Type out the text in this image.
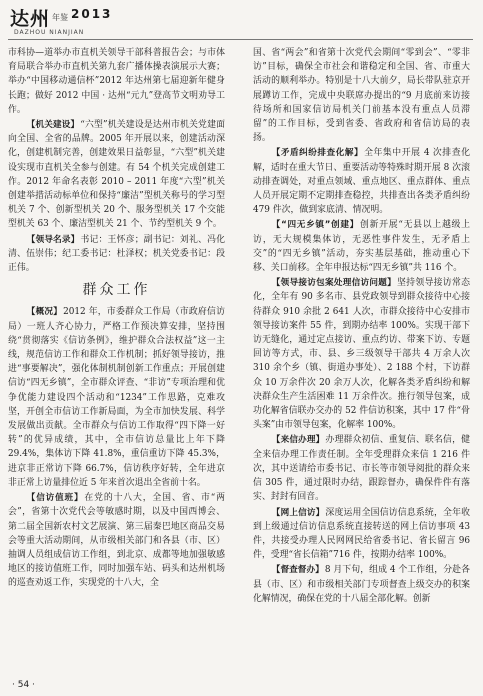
达州 年鉴 2013
DAZHOU NIANJIAN

市科协—道举办市直机关领导干部科普报告会；与市体育局联合举办市直机关第九套广播体操表演展示大赛；举办“中国移动通信杯”2012 年达州第七届迎新年健身长跑；做好 2012 中国 · 达州“元九”登高节文明劝导工作。

【机关建设】“六型”机关建设是达州市机关党建面向全国、全省的品牌。2005 年开展以来，创建活动深化，创建机制完善，创建效果日益彰显，“六型”机关建设实现市直机关全参与创建。有 54 个机关完成创建工作。2012 年命名表彰 2010 – 2011 年度“六型”机关创建举措活动标单位和保持“廉洁”型机关称号的学习型机关 7 个、创新型机关 20 个、服务型机关 17 个交能型机关 63 个、廉洁型机关 21 个、节约型机关 9 个。

【领导名录】书记：王怀彦；副书记：刘礼、冯化清、伍崇伟；纪工委书记：杜泽权；机关党委书记：段正伟。

群众工作

【概况】2012 年，市委群众工作局（市政府信访局）一班人齐心协力，严格工作预决算安排，坚持围绕“贯彻落实《信访条例》，维护群众合法权益”这一主线，规范信访工作和群众工作机制；抓好领导接访，推进“事要解决”，强化体制机制创新工作重点；开展创建信访“四无乡镇”，全市群众评查、“非访”专项治理和优争优能力建设四个活动和“1234”工作思路，克难攻坚，开创全市信访工作新局面，为全市加快发展、科学发展做出贡献。全市群众与信访工作取得“四下降一好转”的优异成绩，其中，全市信访总量比上年下降 29.4%，集体访下降 41.8%，重信重访下降 45.3%，进京非正常访下降 66.7%，信访秩序好转，全年进京非正常上访量排位近 5 年来首次退出全省前十名。

【信访值班】在党的十八大，全国、省、市“两会”，省第十次党代会等敏感时期，以及中国西博会、第二届全国新农村文艺展演、第三届秦巴地区商品交易会等重大活动期间，从市级相关部门和各县（市、区）抽调人员组成信访工作组，到北京、成都等地加强敏感地区的接访值班工作，同时加强车站、码头和达州机场的巡查劝返工作，实现党的十八大，全

国、省“两会”和省第十次党代会期间“零到会”、“零非访”目标，确保全市社会和谐稳定和全国、省、市重大活动的顺利举办。特别是十八大前夕，局长带队驻京开展蹲访工作，完成中央联席办提出的“9 月底前来访接待场所和国家信访局机关门前基本没有重点人员滞留”的工作目标，受到省委、省政府和省信访局的表扬。

【矛盾纠纷排查化解】全年集中开展 4 次排查化解，适时在重大节日、重要活动等特殊时期开展 8 次滚动排查调处，对重点领域、重点地区、重点群体、重点人员开展定期不定期排查稳控，共排查出各类矛盾纠纷 479 件次，做到家底清、情况明。

【“四无乡镇”创建】创新开展“无县以上越级上访，无大规模集体访，无恶性事件发生，无矛盾上交”的“四无乡镇”活动，夯实基层基础，推动重心下移、关口前移。全年申报达标“四无乡镇”共 116 个。

【领导接访包案处理信访问题】坚持领导接访常态化，全年有 90 多名市、县党政领导到群众接待中心接待群众 910 余批 2 641 人次，市群众接待中心安排市领导接访案件 55 件，到期办结率 100%。实现干部下访无缝化，通过定点接访、重点约访、带案下访、专题回访等方式，市、县、乡三级领导干部共 4 万余人次 310 余个乡（镇、街道办事处）、2 188 个村，下访群众 10 万余件次 20 余万人次，化解各类矛盾纠纷和解决群众生产生活困难 11 万余件次。推行领导包案，成功化解省信联办交办的 52 件信访积案，其中 17 件“骨头案”由市领导包案，化解率 100%。

【来信办理】办理群众初信、重复信、联名信，健全来信办理工作责任制。全年受理群众来信 1 216 件次，其中送请给市委书记、市长等市领导阅批的群众来信 305 件，通过限时办结，跟踪督办，确保件件有落实、封封有回音。

【网上信访】深度运用全国信访信息系统，全年收到上级通过信访信息系统直接转送的网上信访事项 43 件，共接受办理人民网网民给省委书记、省长留言 96 件，受理“省长信箱”716 件，按期办结率 100%。

【督查督办】8 月下旬，组成 4 个工作组，分赴各县（市、区）和市级相关部门专项督查上级交办的积案化解情况，确保在党的十八届全部化解。创新

· 54 ·
